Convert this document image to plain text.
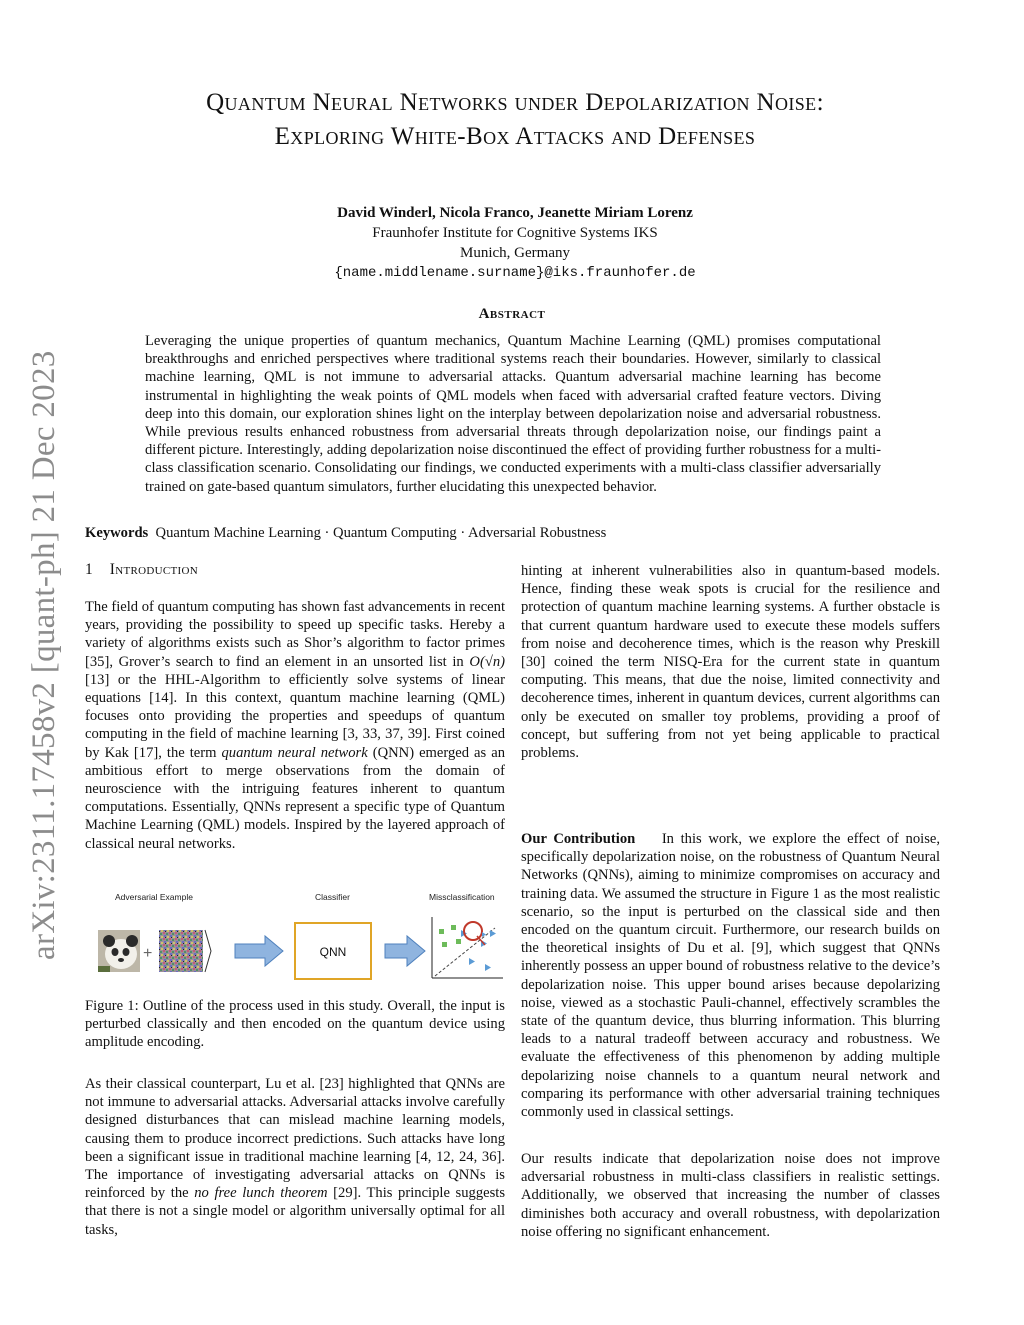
arXiv:2311.17458v2 [quant-ph] 21 Dec 2023
Quantum Neural Networks under Depolarization Noise:
Exploring White-Box Attacks and Defenses
David Winderl, Nicola Franco, Jeanette Miriam Lorenz
Fraunhofer Institute for Cognitive Systems IKS
Munich, Germany
{name.middlename.surname}@iks.fraunhofer.de
Abstract

Leveraging the unique properties of quantum mechanics, Quantum Machine Learning (QML) promises computational breakthroughs and enriched perspectives where traditional systems reach their boundaries. However, similarly to classical machine learning, QML is not immune to adversarial attacks. Quantum adversarial machine learning has become instrumental in highlighting the weak points of QML models when faced with adversarial crafted feature vectors. Diving deep into this domain, our exploration shines light on the interplay between depolarization noise and adversarial robustness. While previous results enhanced robustness from adversarial threats through depolarization noise, our findings paint a different picture. Interestingly, adding depolarization noise discontinued the effect of providing further robustness for a multi-class classification scenario. Consolidating our findings, we conducted experiments with a multi-class classifier adversarially trained on gate-based quantum simulators, further elucidating this unexpected behavior.

Keywords Quantum Machine Learning · Quantum Computing · Adversarial Robustness
1 Introduction

The field of quantum computing has shown fast advancements in recent years, providing the possibility to speed up specific tasks. Hereby a variety of algorithms exists such as Shor’s algorithm to factor primes [35], Grover’s search to find an element in an unsorted list in O(√n) [13] or the HHL-Algorithm to efficiently solve systems of linear equations [14]. In this context, quantum machine learning (QML) focuses onto providing the properties and speedups of quantum computing in the field of machine learning [3, 33, 37, 39]. First coined by Kak [17], the term quantum neural network (QNN) emerged as an ambitious effort to merge observations from the domain of neuroscience with the intriguing features inherent to quantum computations. Essentially, QNNs represent a specific type of Quantum Machine Learning (QML) models. Inspired by the layered approach of classical neural networks.

Adversarial Example	Classifier	Missclassification
+	QNN
Figure 1: Outline of the process used in this study. Overall, the input is perturbed classically and then encoded on the quantum device using amplitude encoding.

As their classical counterpart, Lu et al. [23] highlighted that QNNs are not immune to adversarial attacks. Adversarial attacks involve carefully designed disturbances that can mislead machine learning models, causing them to produce incorrect predictions. Such attacks have long been a significant issue in traditional machine learning [4, 12, 24, 36]. The importance of investigating adversarial attacks on QNNs is reinforced by the no free lunch theorem [29]. This principle suggests that there is not a single model or algorithm universally optimal for all tasks,

hinting at inherent vulnerabilities also in quantum-based models. Hence, finding these weak spots is crucial for the resilience and protection of quantum machine learning systems. A further obstacle is that current quantum hardware used to execute these models suffers from noise and decoherence times, which is the reason why Preskill [30] coined the term NISQ-Era for the current state in quantum computing. This means, that due the noise, limited connectivity and decoherence times, inherent in quantum devices, current algorithms can only be executed on smaller toy problems, providing a proof of concept, but suffering from not yet being applicable to practical problems.

Our Contribution In this work, we explore the effect of noise, specifically depolarization noise, on the robustness of Quantum Neural Networks (QNNs), aiming to minimize compromises on accuracy and training data. We assumed the structure in Figure 1 as the most realistic scenario, so the input is perturbed on the classical side and then encoded on the quantum circuit. Furthermore, our research builds on the theoretical insights of Du et al. [9], which suggest that QNNs inherently possess an upper bound of robustness relative to the device’s depolarization noise. This upper bound arises because depolarizing noise, viewed as a stochastic Pauli-channel, effectively scrambles the state of the quantum device, thus blurring information. This blurring leads to a natural tradeoff between accuracy and robustness. We evaluate the effectiveness of this phenomenon by adding multiple depolarizing noise channels to a quantum neural network and comparing its performance with other adversarial training techniques commonly used in classical settings.

Our results indicate that depolarization noise does not improve adversarial robustness in multi-class classifiers in realistic settings. Additionally, we observed that increasing the number of classes diminishes both accuracy and overall robustness, with depolarization noise offering no significant enhancement.
